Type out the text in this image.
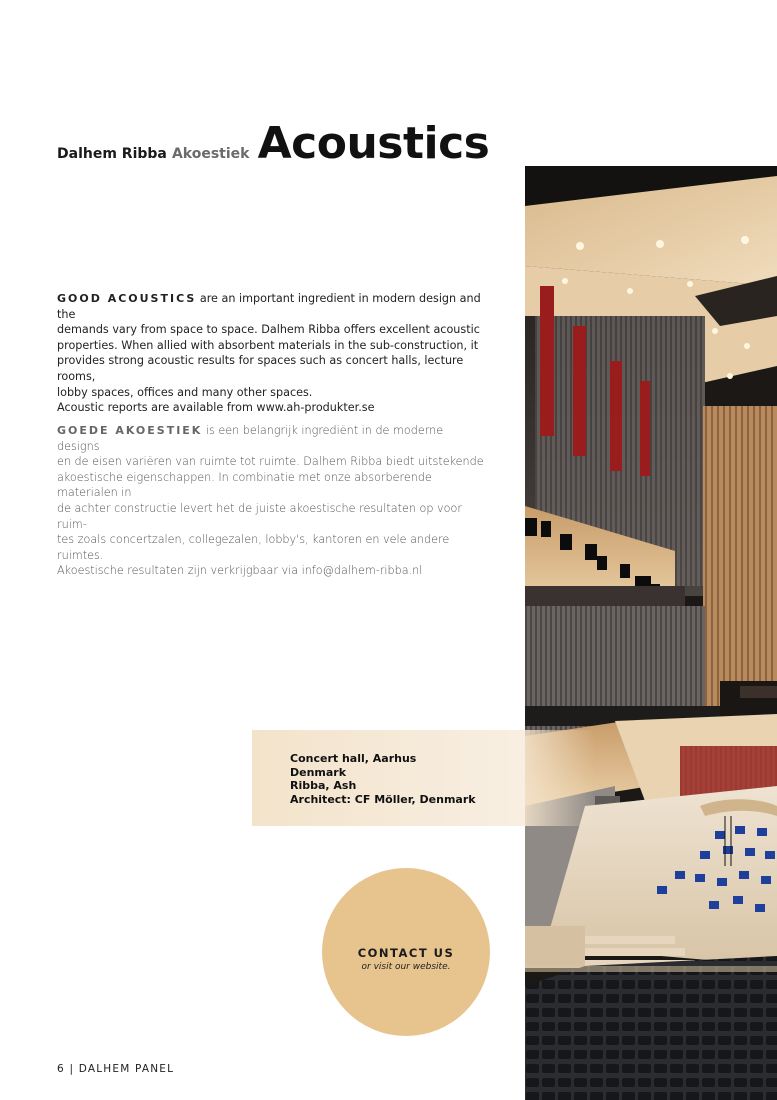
Dalhem Ribba Akoestiek Acoustics
GOOD ACOUSTICS are an important ingredient in modern design and the
demands vary from space to space. Dalhem Ribba offers excellent acoustic
properties. When allied with absorbent materials in the sub-construction, it
provides strong acoustic results for spaces such as concert halls, lecture rooms,
lobby spaces, offices and many other spaces.
Acoustic reports are available from www.ah-produkter.se
GOEDE AKOESTIEK is een belangrijk ingrediënt in de moderne designs
en de eisen variëren van ruimte tot ruimte. Dalhem Ribba biedt uitstekende
akoestische eigenschappen. In combinatie met onze absorberende materialen in
de achter constructie levert het de juiste akoestische resultaten op voor ruim-
tes zoals concertzalen, collegezalen, lobby's, kantoren en vele andere ruimtes.
Akoestische resultaten zijn verkrijgbaar via info@dalhem-ribba.nl
Concert hall, Aarhus
Denmark
Ribba, Ash
Architect: CF Möller, Denmark
CONTACT US
or visit our website.
6 | DALHEM PANEL
